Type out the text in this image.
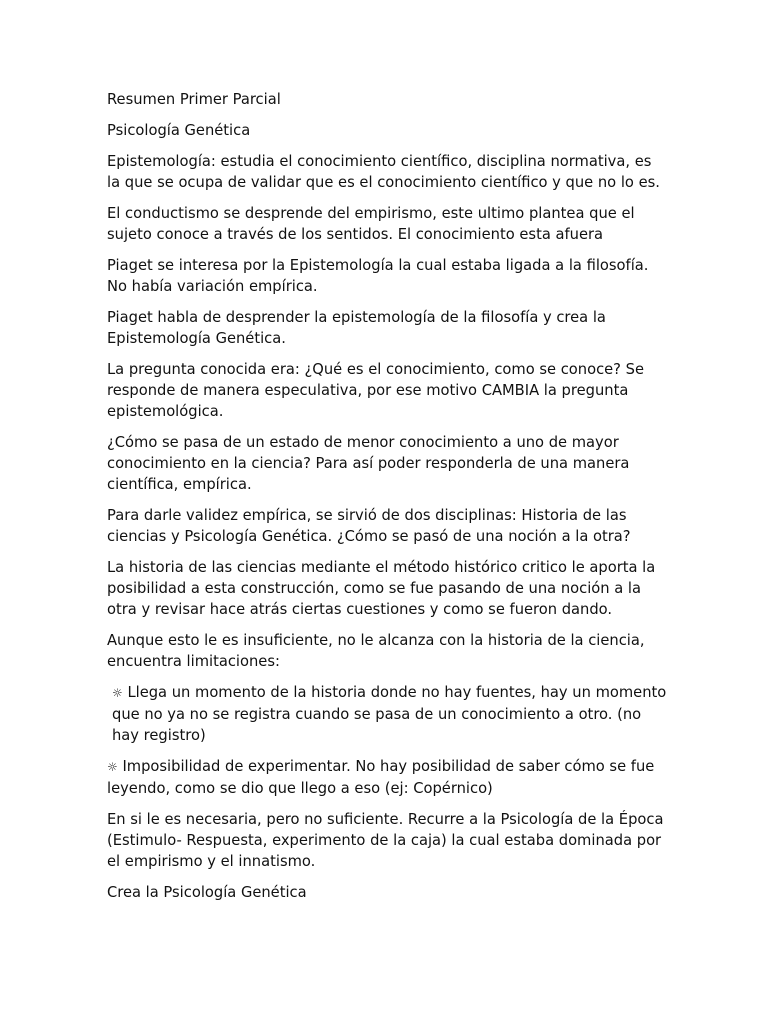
Resumen Primer Parcial

Psicología Genética

Epistemología: estudia el conocimiento científico, disciplina normativa, es la que se ocupa de validar que es el conocimiento científico y que no lo es.

El conductismo se desprende del empirismo, este ultimo plantea que el sujeto conoce a través de los sentidos. El conocimiento esta afuera

Piaget se interesa por la Epistemología la cual estaba ligada a la filosofía. No había variación empírica.

Piaget habla de desprender la epistemología de la filosofía y crea la Epistemología Genética.

La pregunta conocida era: ¿Qué es el conocimiento, como se conoce? Se responde de manera especulativa, por ese motivo CAMBIA la pregunta epistemológica.

¿Cómo se pasa de un estado de menor conocimiento a uno de mayor conocimiento en la ciencia? Para así poder responderla de una manera científica, empírica.

Para darle validez empírica, se sirvió de dos disciplinas: Historia de las ciencias y Psicología Genética. ¿Cómo se pasó de una noción a la otra?

La historia de las ciencias mediante el método histórico critico le aporta la posibilidad a esta construcción, como se fue pasando de una noción a la otra y revisar hace atrás ciertas cuestiones y como se fueron dando.

Aunque esto le es insuficiente, no le alcanza con la historia de la ciencia, encuentra limitaciones:

☼ Llega un momento de la historia donde no hay fuentes, hay un momento que no ya no se registra cuando se pasa de un conocimiento a otro. (no hay registro)

☼ Imposibilidad de experimentar. No hay posibilidad de saber cómo se fue leyendo, como se dio que llego a eso (ej: Copérnico)

En si le es necesaria, pero no suficiente. Recurre a la Psicología de la Época (Estimulo- Respuesta, experimento de la caja) la cual estaba dominada por el empirismo y el innatismo.

Crea la Psicología Genética
